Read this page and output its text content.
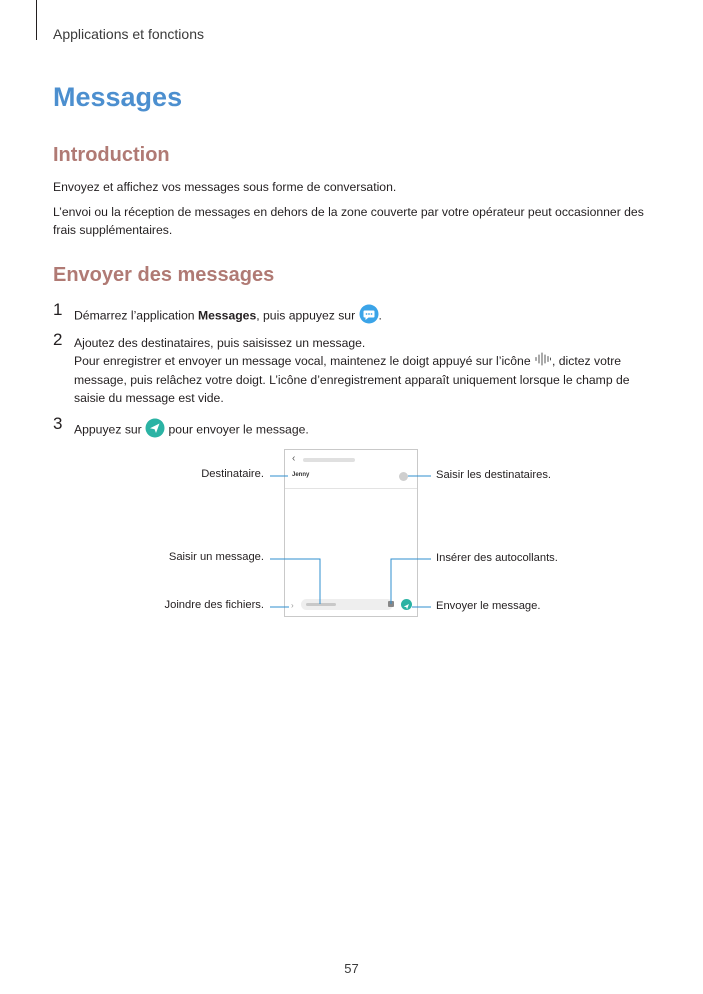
Applications et fonctions
Messages
Introduction
Envoyez et affichez vos messages sous forme de conversation.
L’envoi ou la réception de messages en dehors de la zone couverte par votre opérateur peut occasionner des
frais supplémentaires.
Envoyer des messages
1 Démarrez l’application Messages, puis appuyez sur .
2 Ajoutez des destinataires, puis saisissez un message.
Pour enregistrer et envoyer un message vocal, maintenez le doigt appuyé sur l’icône , dictez votre
message, puis relâchez votre doigt. L’icône d’enregistrement apparaît uniquement lorsque le champ de
saisie du message est vide.
3 Appuyez sur  pour envoyer le message.
‹
Jenny
›
Destinataire.	Saisir les destinataires.
Saisir un message.	Insérer des autocollants.
Joindre des fichiers.	Envoyer le message.
57
